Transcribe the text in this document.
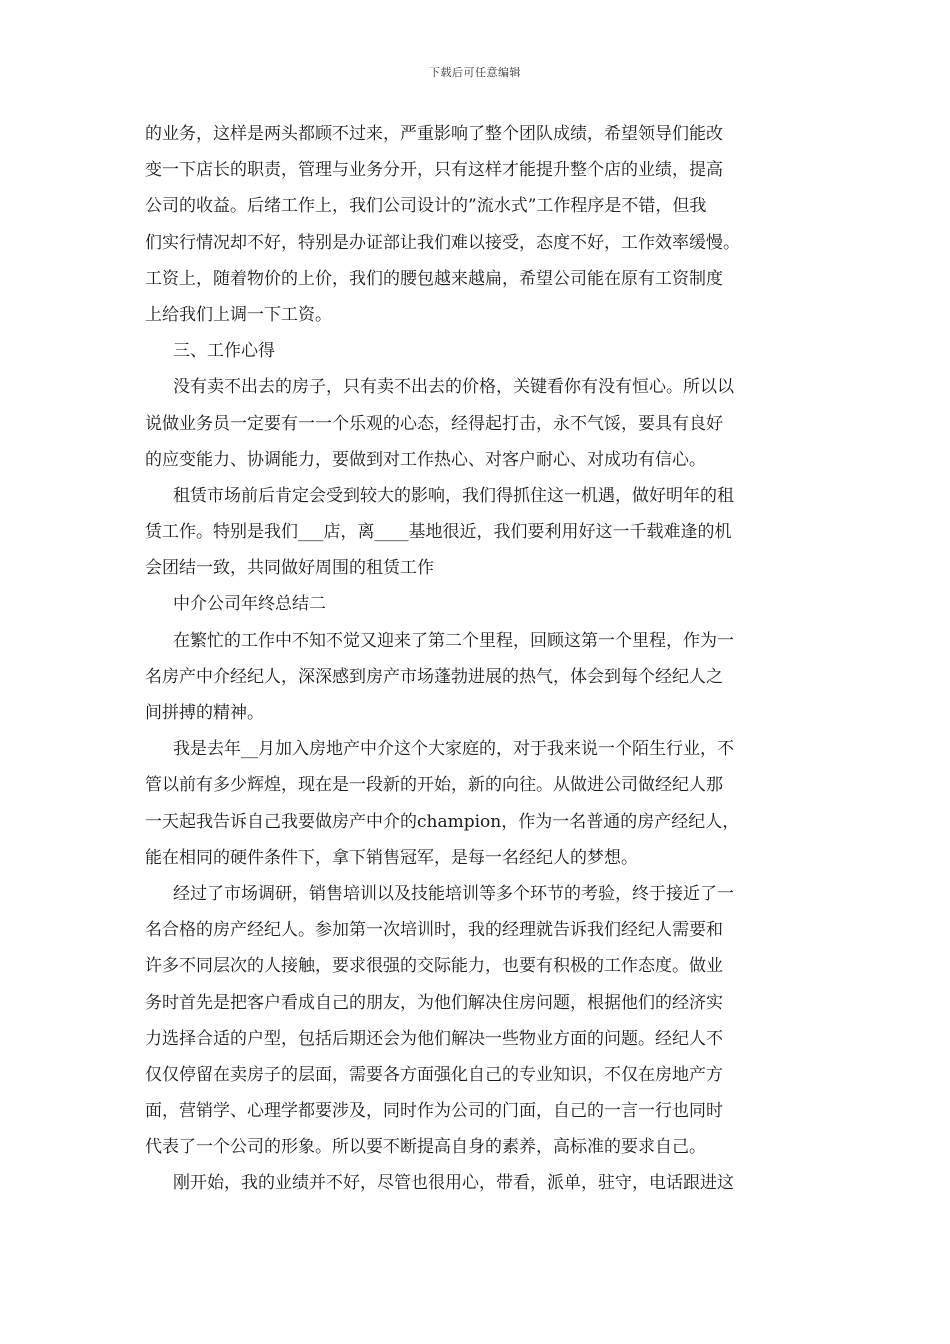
下载后可任意编辑
的业务，这样是两头都顾不过来，严重影响了整个团队成绩，希望领导们能改
变一下店长的职责，管理与业务分开，只有这样才能提升整个店的业绩，提高
公司的收益。后绪工作上，我们公司设计的”流水式”工作程序是不错，但我
们实行情况却不好，特别是办证部让我们难以接受，态度不好，工作效率缓慢。
工资上，随着物价的上价，我们的腰包越来越扁，希望公司能在原有工资制度
上给我们上调一下工资。
三、工作心得
没有卖不出去的房子，只有卖不出去的价格，关键看你有没有恒心。所以以
说做业务员一定要有一一个乐观的心态，经得起打击，永不气馁，要具有良好
的应变能力、协调能力，要做到对工作热心、对客户耐心、对成功有信心。
租赁市场前后肯定会受到较大的影响，我们得抓住这一机遇，做好明年的租
赁工作。特别是我们___店，离____基地很近，我们要利用好这一千载难逢的机
会团结一致，共同做好周围的租赁工作
中介公司年终总结二
在繁忙的工作中不知不觉又迎来了第二个里程，回顾这第一个里程，作为一
名房产中介经纪人，深深感到房产市场蓬勃进展的热气，体会到每个经纪人之
间拼搏的精神。
我是去年__月加入房地产中介这个大家庭的，对于我来说一个陌生行业，不
管以前有多少辉煌，现在是一段新的开始，新的向往。从做进公司做经纪人那
一天起我告诉自己我要做房产中介的champion，作为一名普通的房产经纪人，
能在相同的硬件条件下，拿下销售冠军，是每一名经纪人的梦想。
经过了市场调研，销售培训以及技能培训等多个环节的考验，终于接近了一
名合格的房产经纪人。参加第一次培训时，我的经理就告诉我们经纪人需要和
许多不同层次的人接触，要求很强的交际能力，也要有积极的工作态度。做业
务时首先是把客户看成自己的朋友，为他们解决住房问题，根据他们的经济实
力选择合适的户型，包括后期还会为他们解决一些物业方面的问题。经纪人不
仅仅停留在卖房子的层面，需要各方面强化自己的专业知识，不仅在房地产方
面，营销学、心理学都要涉及，同时作为公司的门面，自己的一言一行也同时
代表了一个公司的形象。所以要不断提高自身的素养，高标准的要求自己。
刚开始，我的业绩并不好，尽管也很用心，带看，派单，驻守，电话跟进这
